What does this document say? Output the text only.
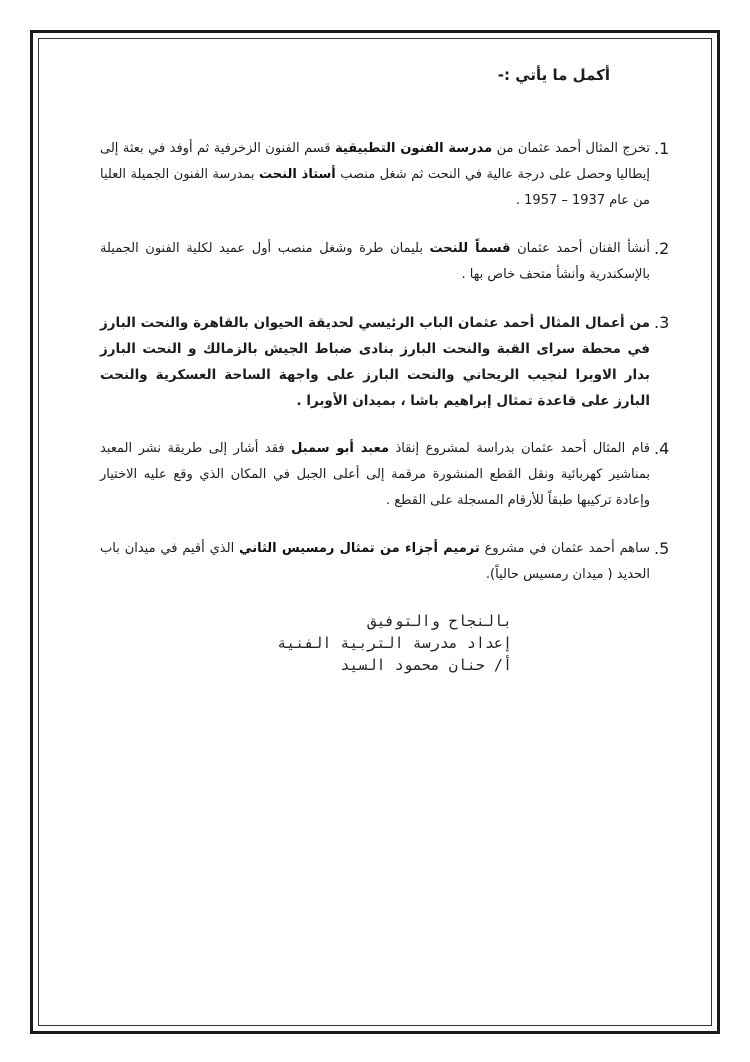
أكمل ما يأتي :-
.1
تخرج المثال أحمد عثمان من مدرسة الفنون التطبيقية قسم الفنون الزخرفية ثم أوفد في بعثة إلى إيطاليا وحصل على درجة عالية في النحت ثم شغل منصب أستاذ النحت بمدرسة الفنون الجميلة العليا من عام 1937 – 1957 .
.2
أنشأ الفنان أحمد عثمان قسماً للنحت بليمان طرة وشغل منصب أول عميد لكلية الفنون الجميلة بالإسكندرية وأنشأ متحف خاص بها .
.3
من أعمال المثال أحمد عثمان الباب الرئيسي لحديقة الحيوان بالقاهرة والنحت البارز في محطة سراى القبة والنحت البارز بنادى ضباط الجيش بالزمالك و النحت البارز بدار الاوبرا لنجيب الريحاني والنحت البارز على واجهة الساحة العسكرية والنحت البارز على قاعدة تمثال إبراهيم باشا ، بميدان الأوبرا .
.4
قام المثال أحمد عثمان بدراسة لمشروع إنقاذ معبد أبو سمبل فقد أشار إلى طريقة نشر المعبد بمناشير كهربائية ونقل القطع المنشورة مرقمة إلى أعلى الجبل في المكان الذي وقع عليه الاختيار وإعادة تركيبها طبقاً للأرقام المسجلة على القطع .
.5
ساهم أحمد عثمان في مشروع ترميم أجزاء من تمثال رمسيس الثاني الذي أقيم في ميدان باب الحديد ( ميدان رمسيس حالياً).
بالنجاح والتوفيق
إعداد مدرسة التربية الفنية
أ/ حنان محمود السيد
